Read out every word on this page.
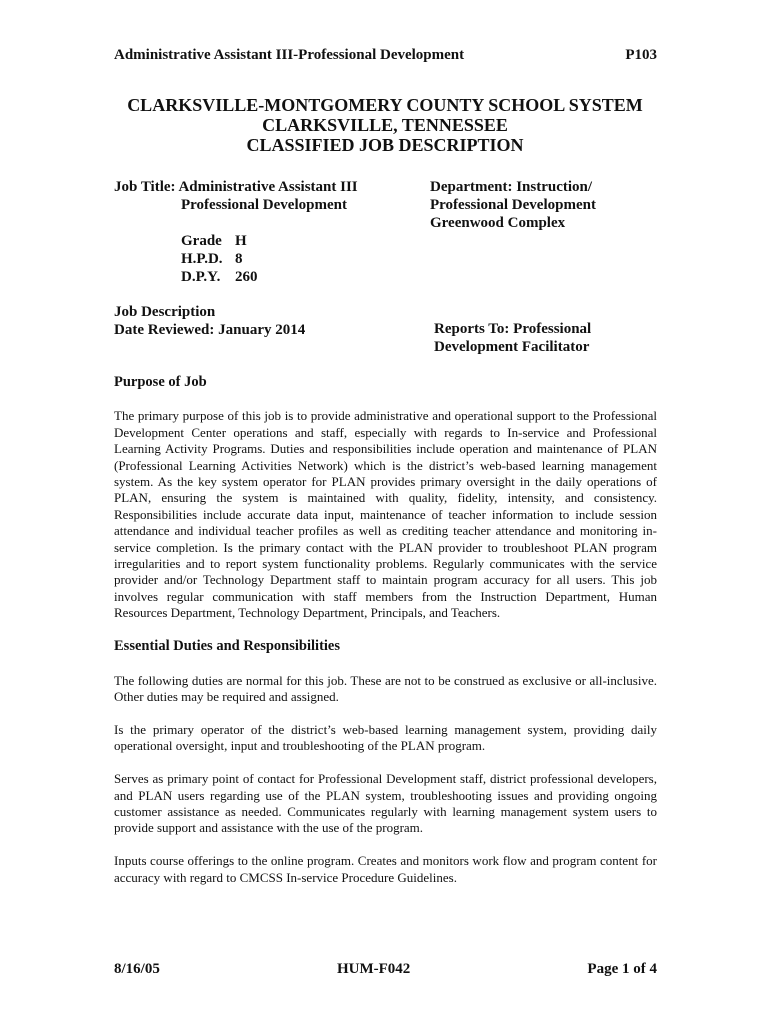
Administrative Assistant III-Professional Development	P103
CLARKSVILLE-MONTGOMERY COUNTY SCHOOL SYSTEM
CLARKSVILLE, TENNESSEE
CLASSIFIED JOB DESCRIPTION
Job Title: Administrative Assistant III
Professional Development
Department: Instruction/
Professional Development
Greenwood Complex
Grade H
H.P.D. 8
D.P.Y. 260
Job Description
Date Reviewed: January 2014	Reports To: Professional
Development Facilitator
Purpose of Job

The primary purpose of this job is to provide administrative and operational support to the Professional Development Center operations and staff, especially with regards to In-service and Professional Learning Activity Programs. Duties and responsibilities include operation and maintenance of PLAN (Professional Learning Activities Network) which is the district’s web-based learning management system. As the key system operator for PLAN provides primary oversight in the daily operations of PLAN, ensuring the system is maintained with quality, fidelity, intensity, and consistency. Responsibilities include accurate data input, maintenance of teacher information to include session attendance and individual teacher profiles as well as crediting teacher attendance and monitoring in-service completion. Is the primary contact with the PLAN provider to troubleshoot PLAN program irregularities and to report system functionality problems. Regularly communicates with the service provider and/or Technology Department staff to maintain program accuracy for all users. This job involves regular communication with staff members from the Instruction Department, Human Resources Department, Technology Department, Principals, and Teachers.

Essential Duties and Responsibilities

The following duties are normal for this job. These are not to be construed as exclusive or all-inclusive. Other duties may be required and assigned.

Is the primary operator of the district’s web-based learning management system, providing daily operational oversight, input and troubleshooting of the PLAN program.

Serves as primary point of contact for Professional Development staff, district professional developers, and PLAN users regarding use of the PLAN system, troubleshooting issues and providing ongoing customer assistance as needed. Communicates regularly with learning management system users to provide support and assistance with the use of the program.

Inputs course offerings to the online program. Creates and monitors work flow and program content for accuracy with regard to CMCSS In-service Procedure Guidelines.

8/16/05	HUM-F042	Page 1 of 4
